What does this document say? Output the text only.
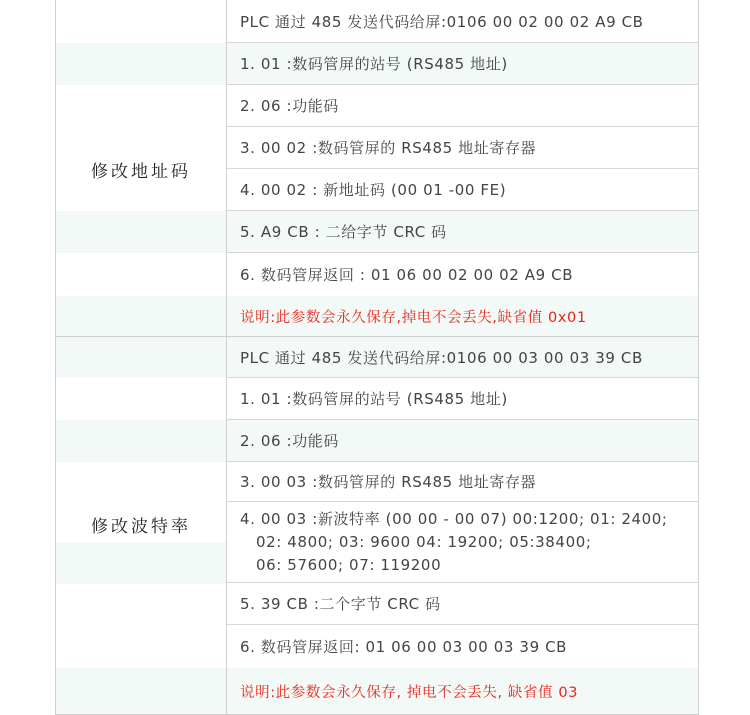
修改地址码
PLC 通过 485 发送代码给屏:0106 00 02 00 02 A9 CB
1. 01 :数码管屏的站号 (RS485 地址)
2. 06 :功能码
3. 00 02 :数码管屏的 RS485 地址寄存器
4. 00 02 : 新地址码 (00 01 -00 FE)
5. A9 CB : 二给字节 CRC 码
6. 数码管屏返回 : 01 06 00 02 00 02 A9 CB
说明:此参数会永久保存,掉电不会丢失,缺省值 0x01
修改波特率
PLC 通过 485 发送代码给屏:0106 00 03 00 03 39 CB
1. 01 :数码管屏的站号 (RS485 地址)
2. 06 :功能码
3. 00 03 :数码管屏的 RS485 地址寄存器
4. 00 03 :新波特率 (00 00 - 00 07) 00:1200; 01: 2400;
02: 4800; 03: 9600 04: 19200; 05:38400;
06: 57600; 07: 119200
5. 39 CB :二个字节 CRC 码
6. 数码管屏返回: 01 06 00 03 00 03 39 CB
说明:此参数会永久保存, 掉电不会丢失, 缺省值 03
